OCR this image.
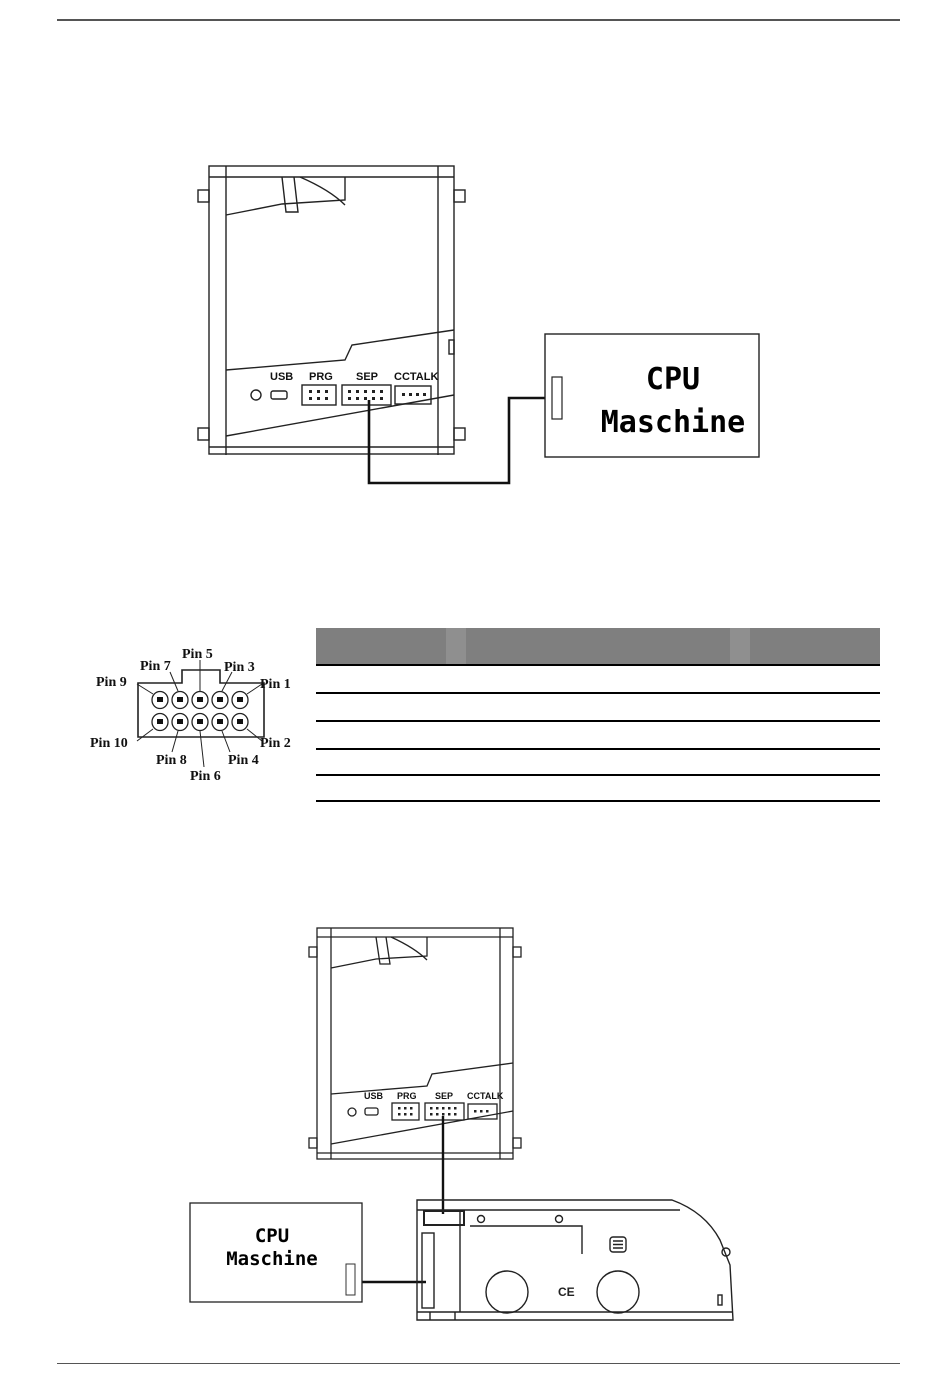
USB PRG SEP CCTALK	CPU
Maschine
Pin 1
Pin 2
Pin 3
Pin 4
Pin 5
Pin 6
Pin 7
Pin 8
Pin 9
Pin 10
USB PRG SEP CCTALK
CE
CPU
Maschine
